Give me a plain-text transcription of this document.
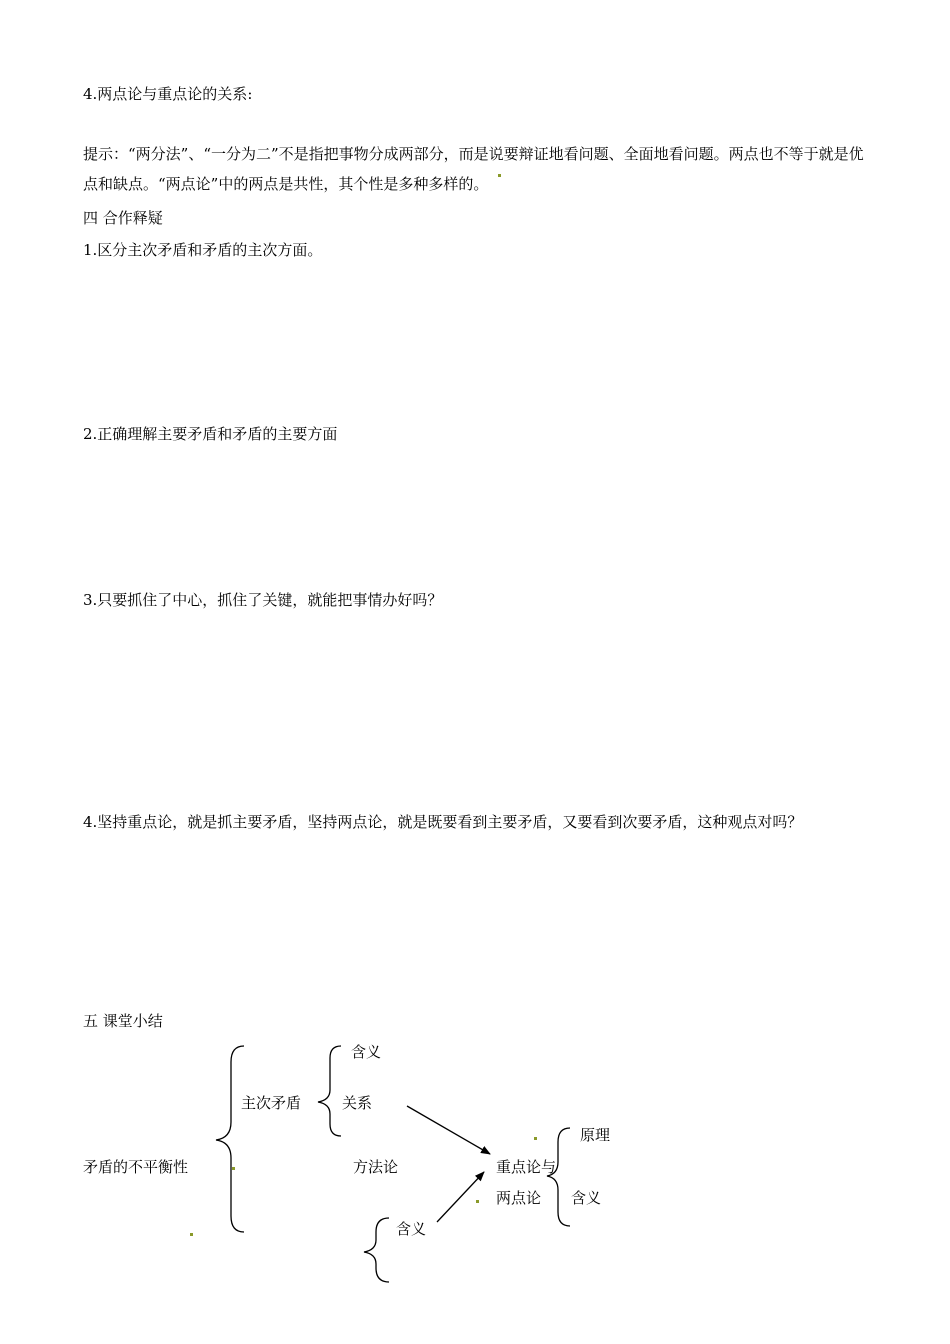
4.两点论与重点论的关系:
提示：“两分法”、“一分为二”不是指把事物分成两部分，而是说要辩证地看问题、全面地看问题。两点也不等于就是优点和缺点。“两点论”中的两点是共性，其个性是多种多样的。
四 合作释疑
1.区分主次矛盾和矛盾的主次方面。
2.正确理解主要矛盾和矛盾的主要方面
3.只要抓住了中心，抓住了关键，就能把事情办好吗？
4.坚持重点论，就是抓主要矛盾，坚持两点论，就是既要看到主要矛盾，又要看到次要矛盾，这种观点对吗？
五 课堂小结
矛盾的不平衡性
主次矛盾
含义
关系
方法论
含义
重点论与
两点论
原理
含义
